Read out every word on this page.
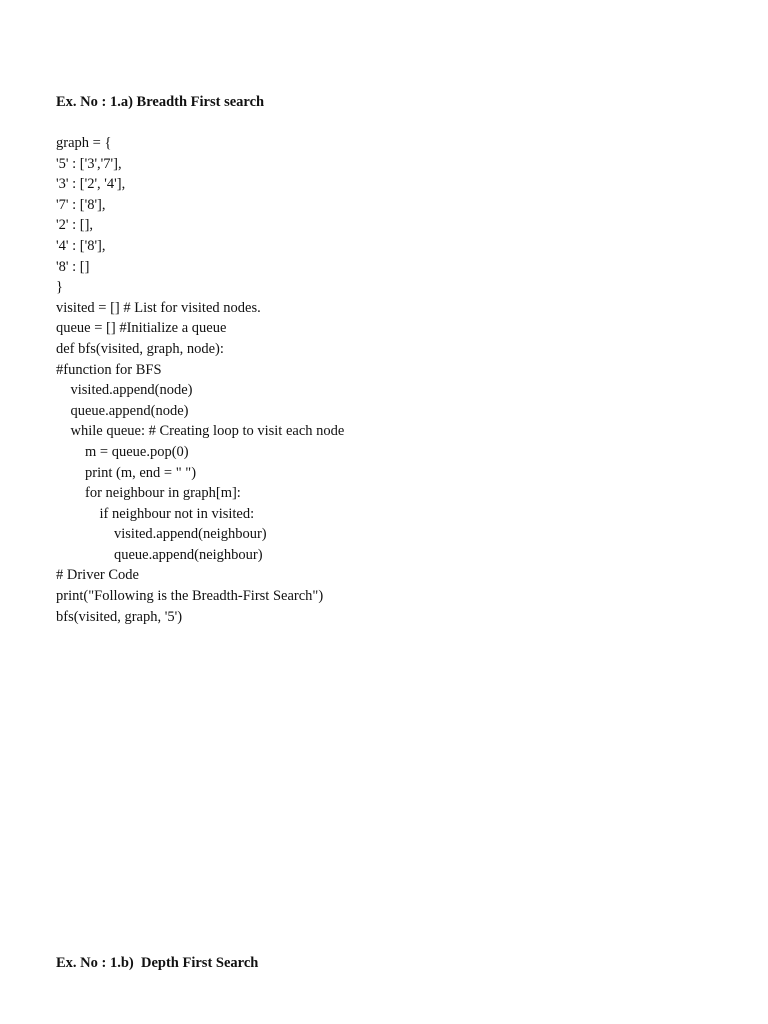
Ex. No : 1.a) Breadth First search
graph = {
'5' : ['3','7'],
'3' : ['2', '4'],
'7' : ['8'],
'2' : [],
'4' : ['8'],
'8' : []
}
visited = [] # List for visited nodes.
queue = [] #Initialize a queue
def bfs(visited, graph, node):
#function for BFS
visited.append(node)
queue.append(node)
while queue: # Creating loop to visit each node
m = queue.pop(0)
print (m, end = " ")
for neighbour in graph[m]:
if neighbour not in visited:
visited.append(neighbour)
queue.append(neighbour)
# Driver Code
print("Following is the Breadth-First Search")
bfs(visited, graph, '5')
Ex. No : 1.b)  Depth First Search
